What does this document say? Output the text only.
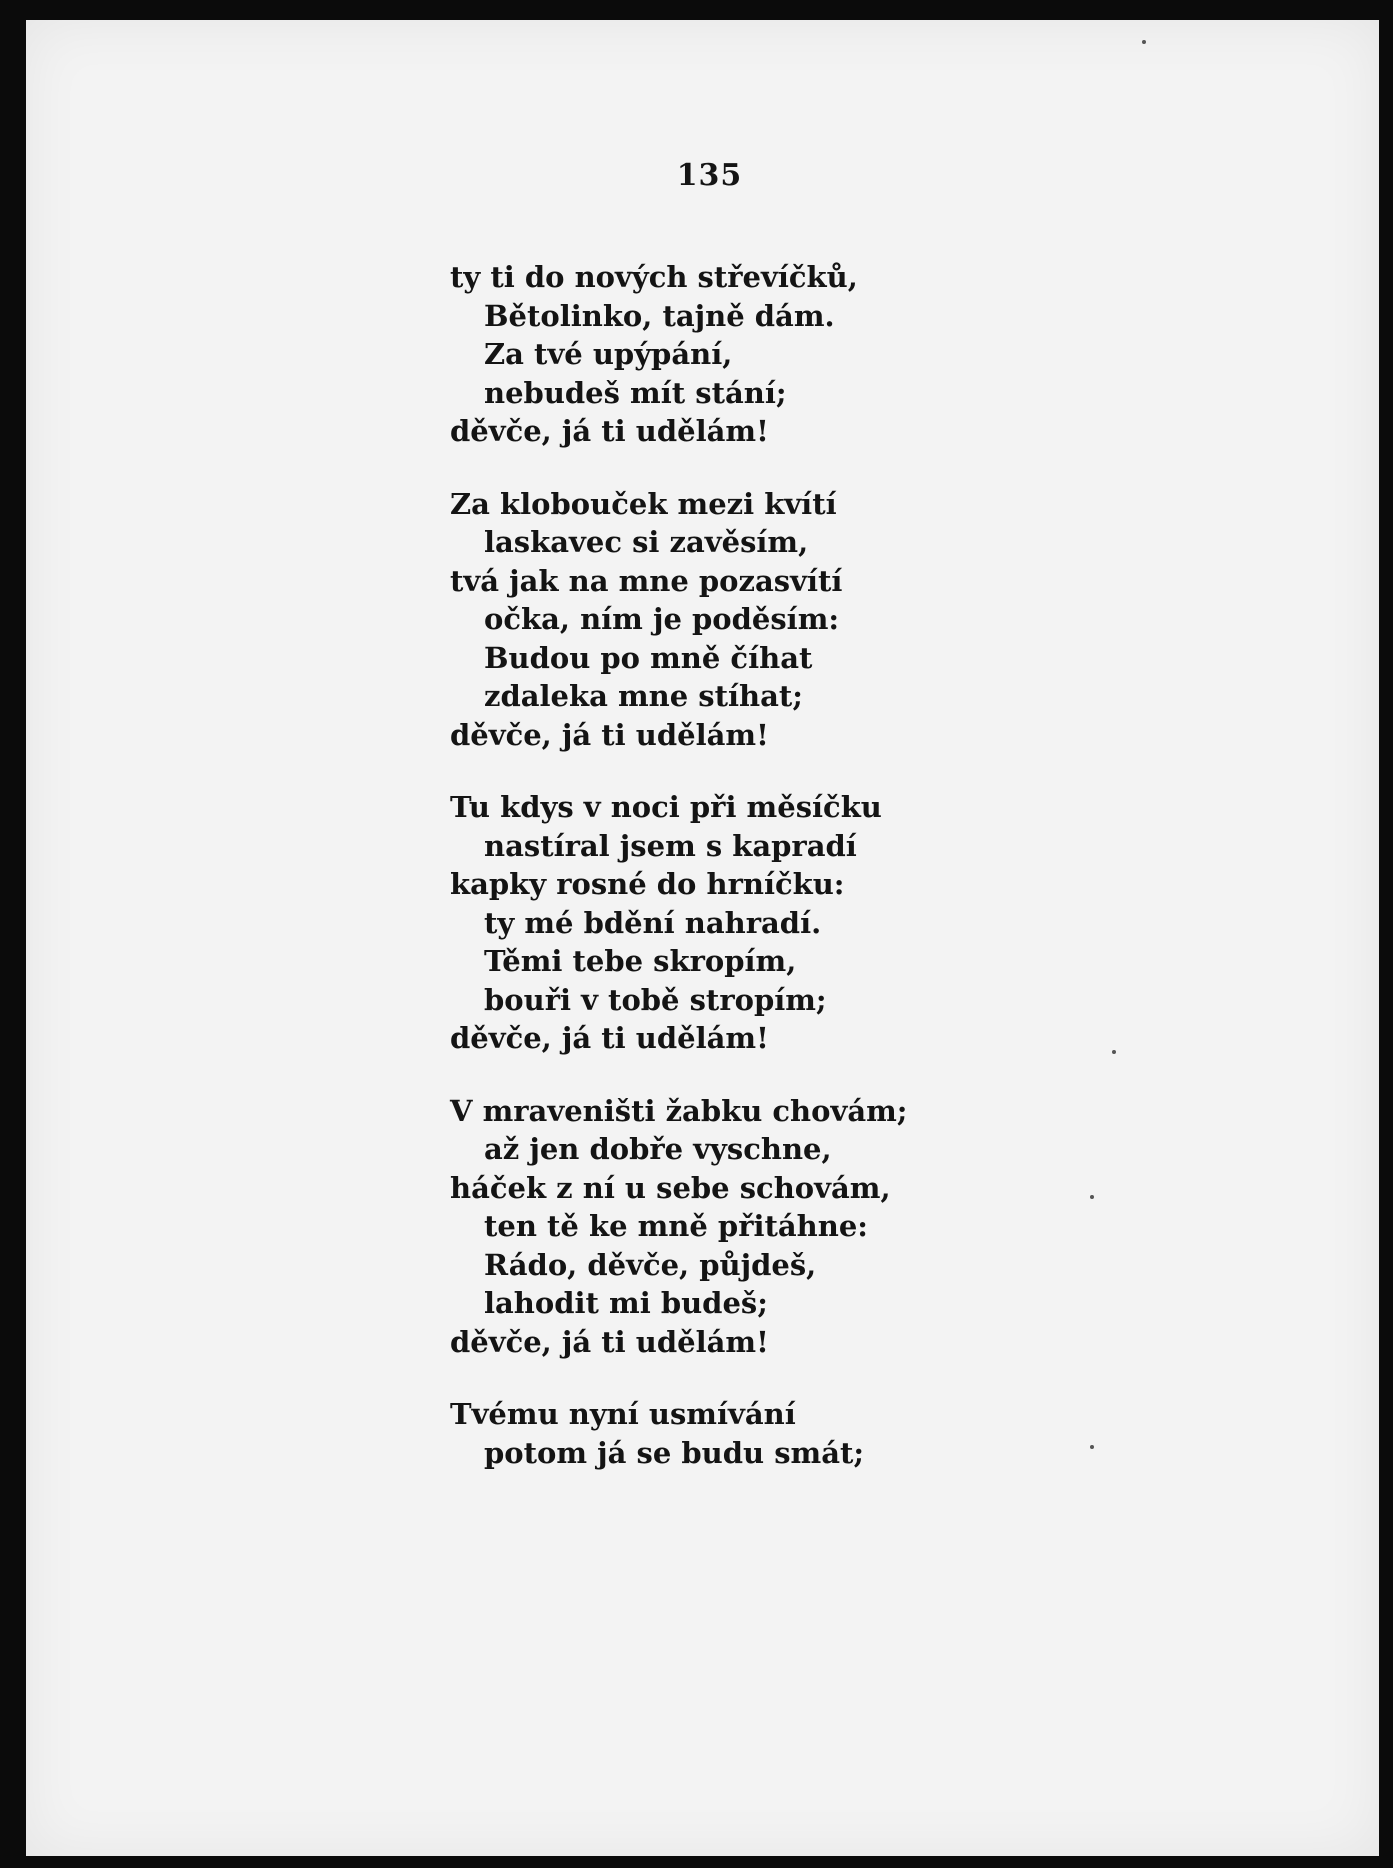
135
ty ti do nových střevíčků,
Bětolinko, tajně dám.
Za tvé upýpání,
nebudeš mít stání;
děvče, já ti udělám!
Za klobouček mezi kvítí
laskavec si zavěsím,
tvá jak na mne pozasvítí
očka, ním je poděsím:
Budou po mně číhat
zdaleka mne stíhat;
děvče, já ti udělám!
Tu kdys v noci při měsíčku
nastíral jsem s kapradí
kapky rosné do hrníčku:
ty mé bdění nahradí.
Těmi tebe skropím,
bouři v tobě stropím;
děvče, já ti udělám!
V mraveništi žabku chovám;
až jen dobře vyschne,
háček z ní u sebe schovám,
ten tě ke mně přitáhne:
Rádo, děvče, půjdeš,
lahodit mi budeš;
děvče, já ti udělám!
Tvému nyní usmívání
potom já se budu smát;
